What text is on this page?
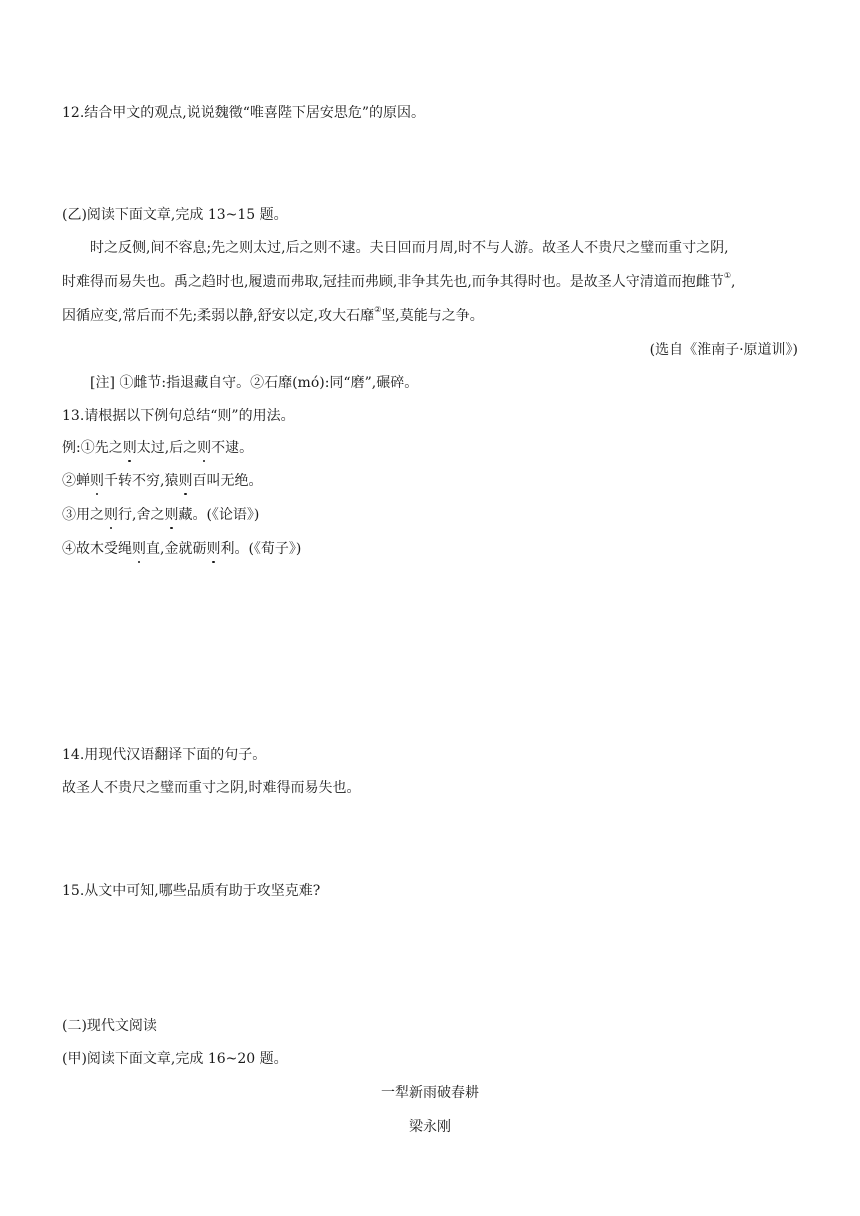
12.结合甲文的观点,说说魏徵“唯喜陛下居安思危”的原因。
(乙)阅读下面文章,完成 13~15 题。
时之反侧,间不容息;先之则太过,后之则不逮。夫日回而月周,时不与人游。故圣人不贵尺之璧而重寸之阴,
时难得而易失也。禹之趋时也,履遗而弗取,冠挂而弗顾,非争其先也,而争其得时也。是故圣人守清道而抱雌节①,
因循应变,常后而不先;柔弱以静,舒安以定,攻大石靡②坚,莫能与之争。
(选自《淮南子·原道训》)
[注] ①雌节:指退藏自守。②石靡(mó):同“磨”,碾碎。
13.请根据以下例句总结“则”的用法。
例:①先之则太过,后之则不逮。
②蝉则千转不穷,猿则百叫无绝。
③用之则行,舍之则藏。(《论语》)
④故木受绳则直,金就砺则利。(《荀子》)
14.用现代汉语翻译下面的句子。
故圣人不贵尺之璧而重寸之阴,时难得而易失也。
15.从文中可知,哪些品质有助于攻坚克难?
(二)现代文阅读
(甲)阅读下面文章,完成 16~20 题。
一犁新雨破春耕
梁永刚
